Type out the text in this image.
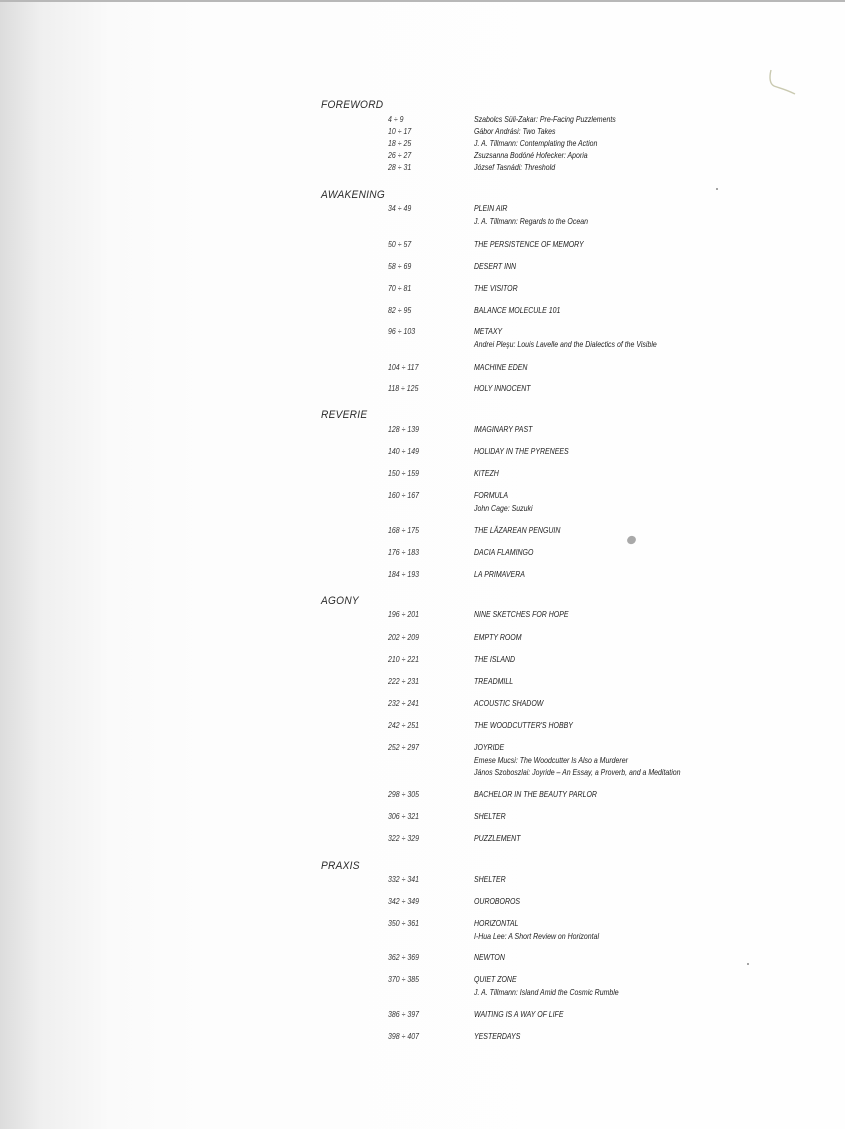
FOREWORD
4 ÷ 9	Szabolcs Süli-Zakar: Pre-Facing Puzzlements
10 ÷ 17	Gábor Andrási: Two Takes
18 ÷ 25	J. A. Tillmann: Contemplating the Action
26 ÷ 27	Zsuzsanna Bodóné Hofecker: Aporia
28 ÷ 31	József Tasnádi: Threshold
AWAKENING
34 ÷ 49	PLEIN AIR
J. A. Tillmann: Regards to the Ocean
50 ÷ 57	THE PERSISTENCE OF MEMORY
58 ÷ 69	DESERT INN
70 ÷ 81	THE VISITOR
82 ÷ 95	BALANCE MOLECULE 101
96 ÷ 103	METAXY
Andrei Pleşu: Louis Lavelle and the Dialectics of the Visible
104 ÷ 117	MACHINE EDEN
118 ÷ 125	HOLY INNOCENT
REVERIE
128 ÷ 139	IMAGINARY PAST
140 ÷ 149	HOLIDAY IN THE PYRENEES
150 ÷ 159	KITEZH
160 ÷ 167	FORMULA
John Cage: Suzuki
168 ÷ 175	THE LĂZAREAN PENGUIN
176 ÷ 183	DACIA FLAMINGO
184 ÷ 193	LA PRIMAVERA
AGONY
196 ÷ 201	NINE SKETCHES FOR HOPE
202 ÷ 209	EMPTY ROOM
210 ÷ 221	THE ISLAND
222 ÷ 231	TREADMILL
232 ÷ 241	ACOUSTIC SHADOW
242 ÷ 251	THE WOODCUTTER'S HOBBY
252 ÷ 297	JOYRIDE
Emese Mucsi: The Woodcutter Is Also a Murderer
János Szoboszlai: Joyride – An Essay, a Proverb, and a Meditation
298 ÷ 305	BACHELOR IN THE BEAUTY PARLOR
306 ÷ 321	SHELTER
322 ÷ 329	PUZZLEMENT
PRAXIS
332 ÷ 341	SHELTER
342 ÷ 349	OUROBOROS
350 ÷ 361	HORIZONTAL
I-Hua Lee: A Short Review on Horizontal
362 ÷ 369	NEWTON
370 ÷ 385	QUIET ZONE
J. A. Tillmann: Island Amid the Cosmic Rumble
386 ÷ 397	WAITING IS A WAY OF LIFE
398 ÷ 407	YESTERDAYS
